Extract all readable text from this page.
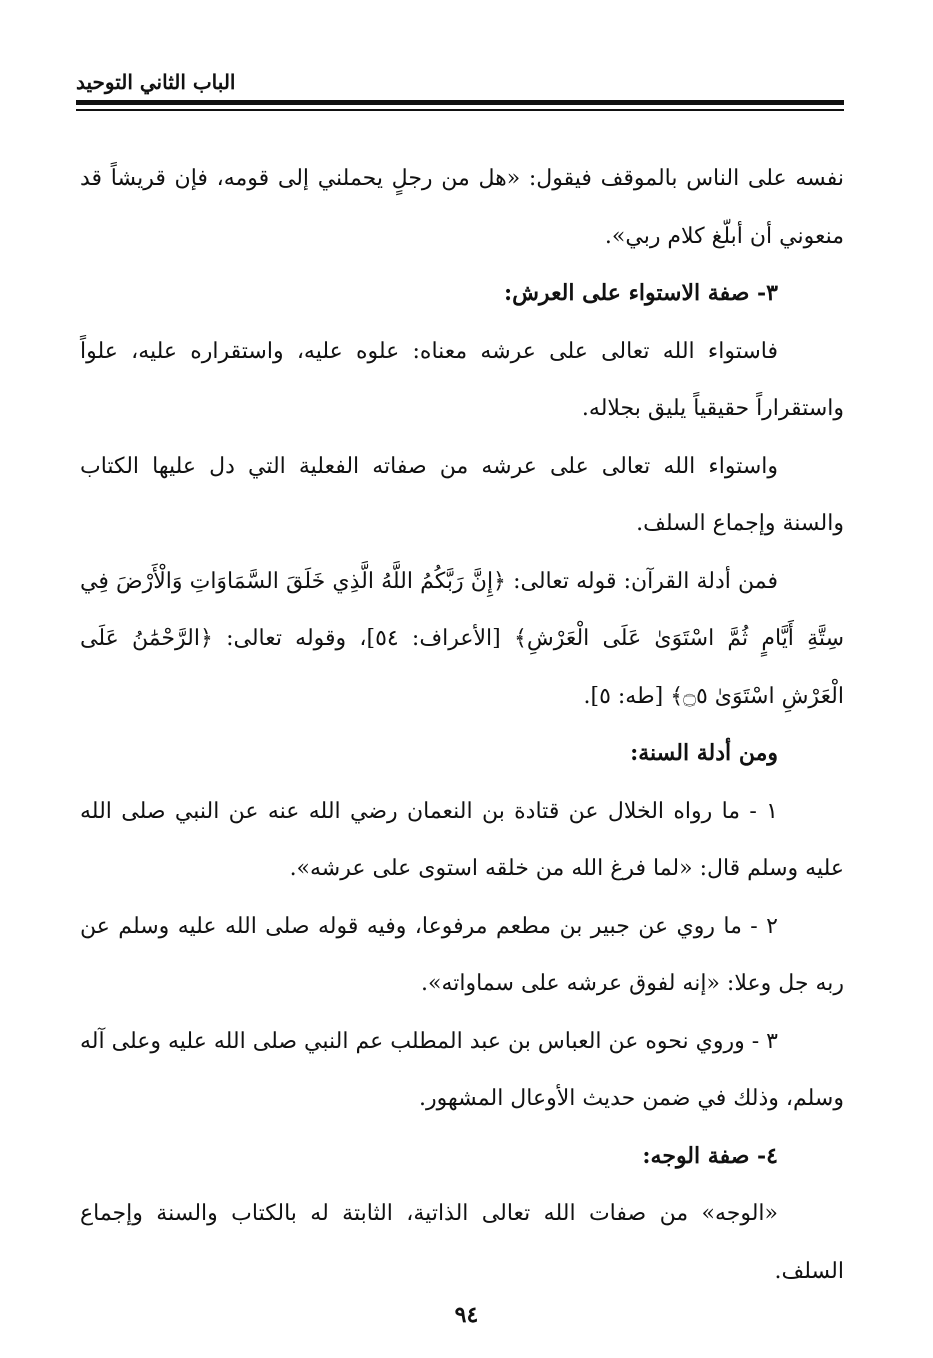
الباب الثاني التوحيد

نفسه على الناس بالموقف فيقول: «هل من رجلٍ يحملني إلى قومه، فإن قريشاً قد منعوني أن أبلّغ كلام ربي».

٣- صفة الاستواء على العرش:

فاستواء الله تعالى على عرشه معناه: علوه عليه، واستقراره عليه، علواً واستقراراً حقيقياً يليق بجلاله.

واستواء الله تعالى على عرشه من صفاته الفعلية التي دل عليها الكتاب والسنة وإجماع السلف.

فمن أدلة القرآن: قوله تعالى: ﴿إِنَّ رَبَّكُمُ اللَّهُ الَّذِي خَلَقَ السَّمَاوَاتِ وَالْأَرْضَ فِي سِتَّةِ أَيَّامٍ ثُمَّ اسْتَوَىٰ عَلَى الْعَرْشِ﴾ [الأعراف: ٥٤]، وقوله تعالى: ﴿الرَّحْمَٰنُ عَلَى الْعَرْشِ اسْتَوَىٰ ۝٥﴾ [طه: ٥].

ومن أدلة السنة:

١ - ما رواه الخلال عن قتادة بن النعمان رضي الله عنه عن النبي صلى الله عليه وسلم قال: «لما فرغ الله من خلقه استوى على عرشه».

٢ - ما روي عن جبير بن مطعم مرفوعا، وفيه قوله صلى الله عليه وسلم عن ربه جل وعلا: «إنه لفوق عرشه على سماواته».

٣ - وروي نحوه عن العباس بن عبد المطلب عم النبي صلى الله عليه وعلى آله وسلم، وذلك في ضمن حديث الأوعال المشهور.

٤- صفة الوجه:

«الوجه» من صفات الله تعالى الذاتية، الثابتة له بالكتاب والسنة وإجماع السلف.

٩٤
